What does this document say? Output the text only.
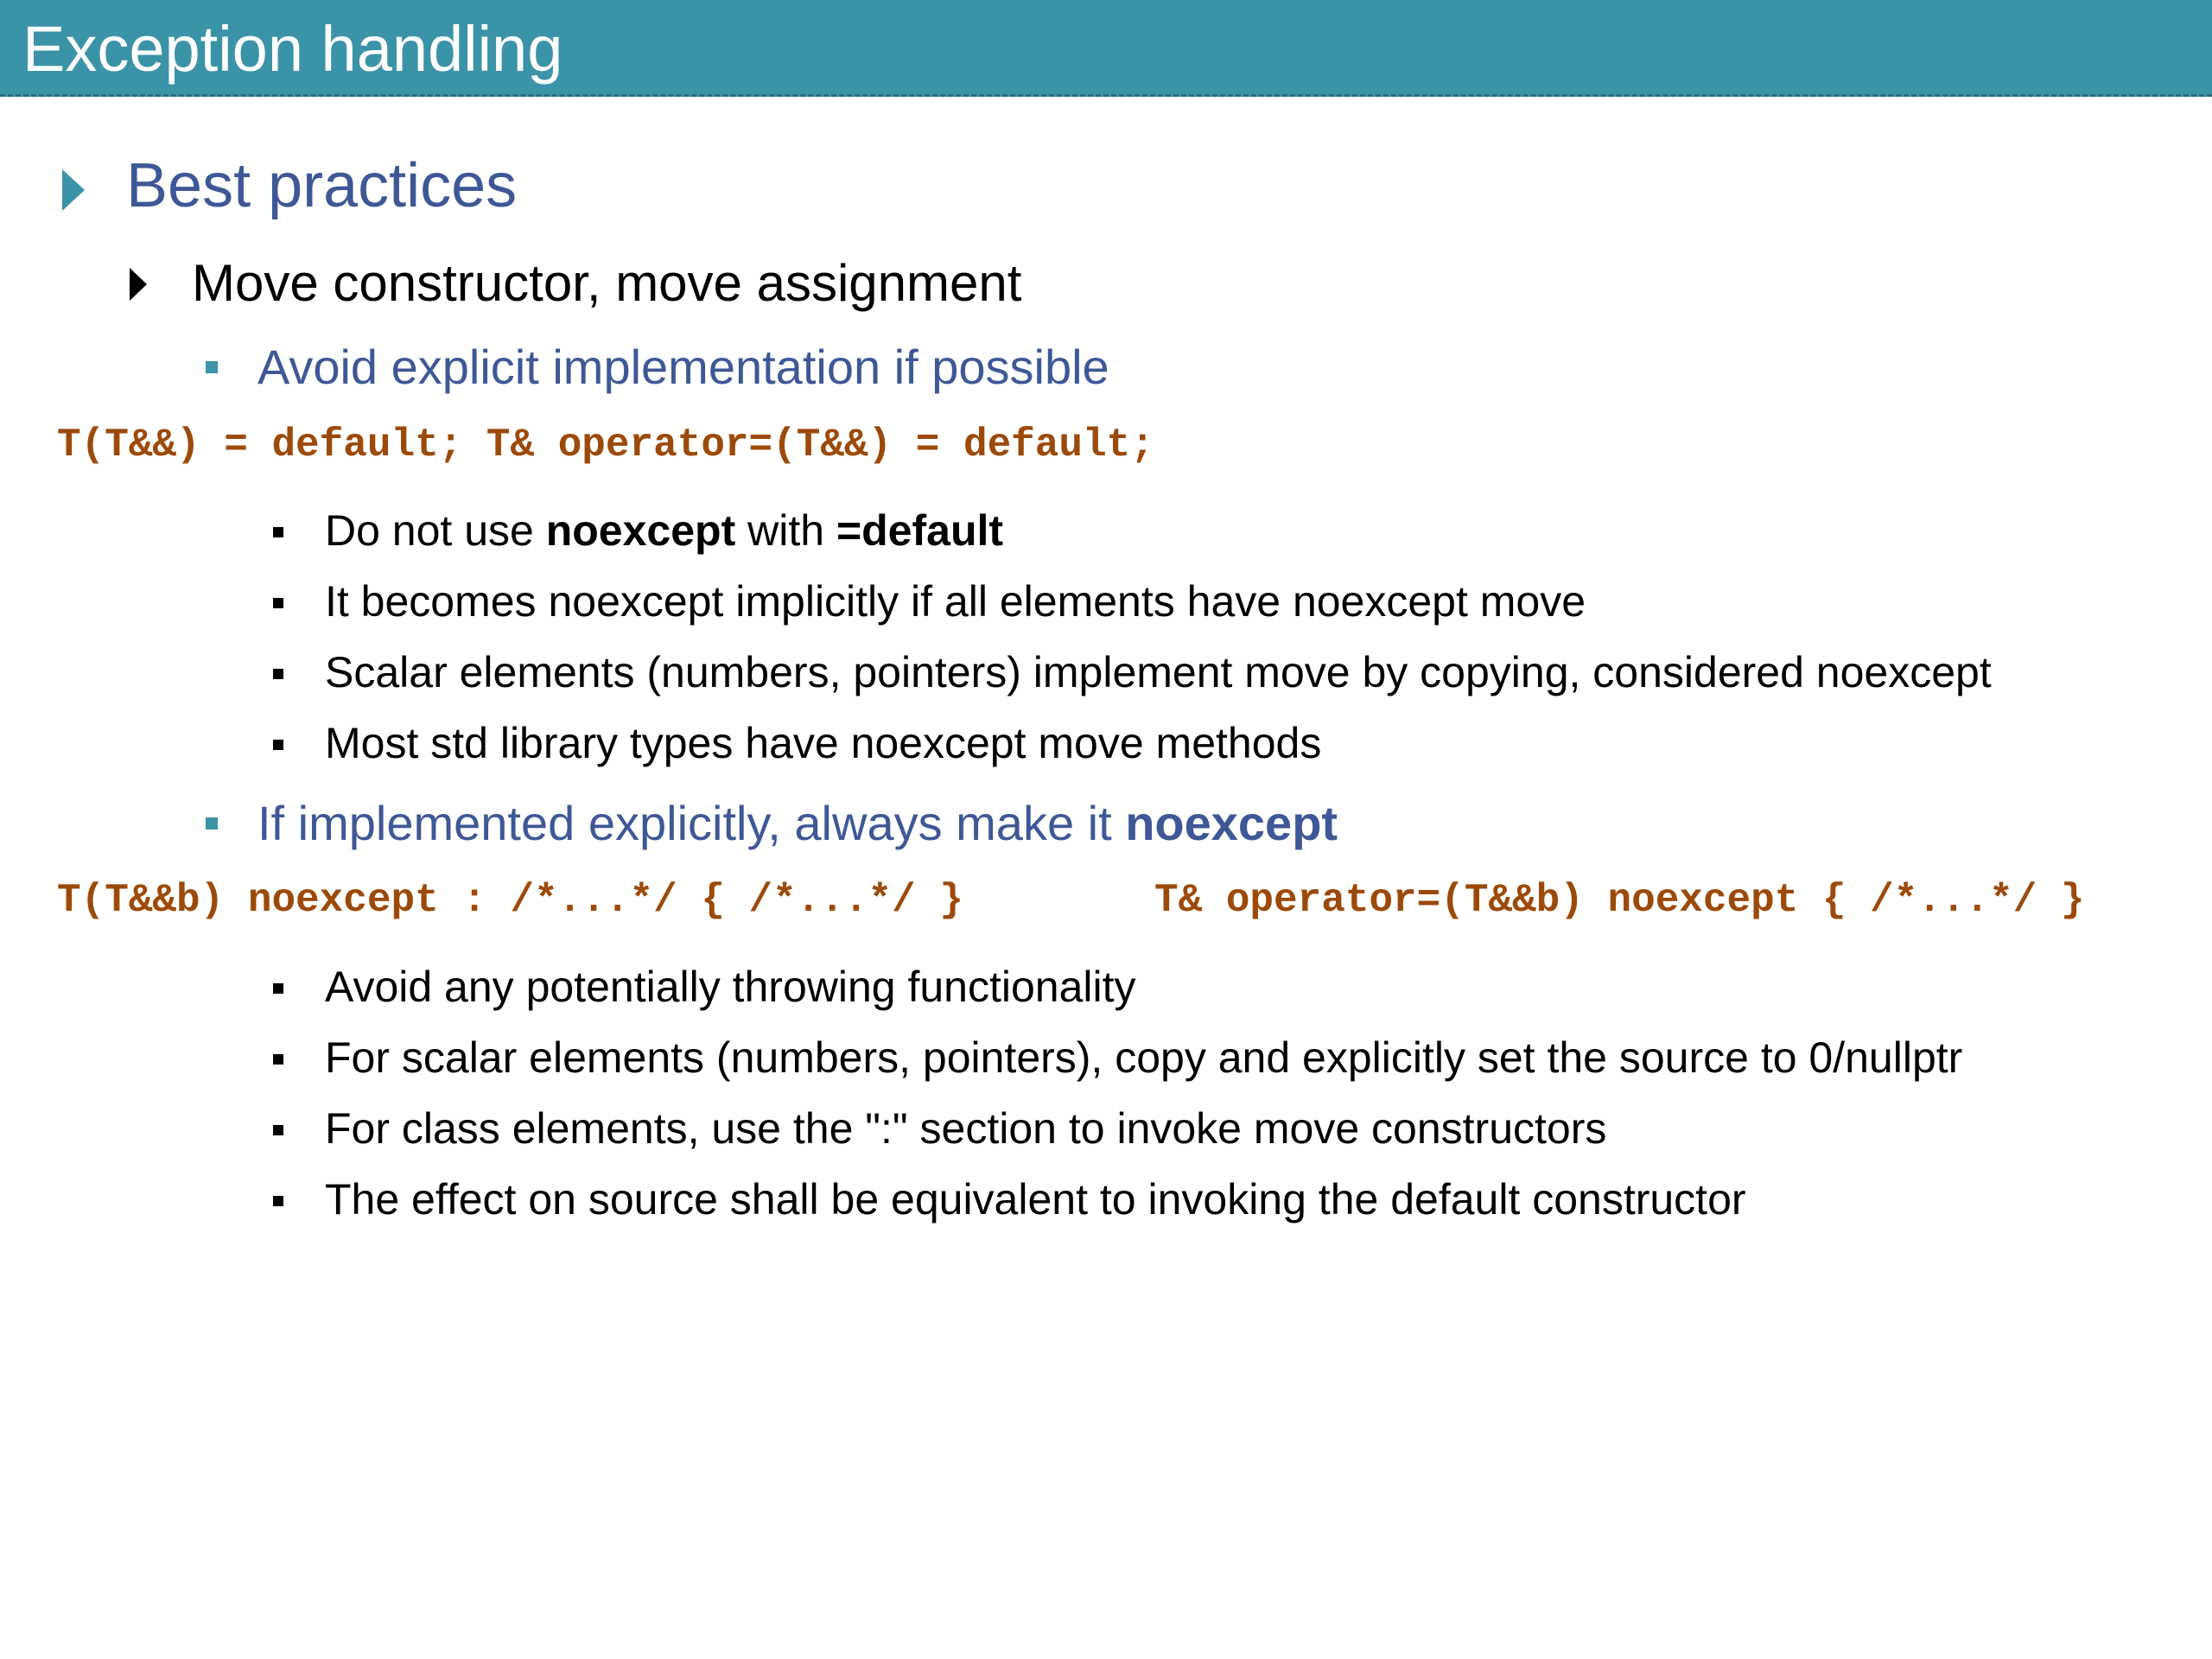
Exception handling
Best practices
Move constructor, move assignment
Avoid explicit implementation if possible
T(T&&) = default; T& operator=(T&&) = default;
Do not use noexcept with =default
It becomes noexcept implicitly if all elements have noexcept move
Scalar elements (numbers, pointers) implement move by copying, considered noexcept
Most std library types have noexcept move methods
If implemented explicitly, always make it noexcept
T(T&&b) noexcept : /*...*/ { /*...*/ }	T& operator=(T&&b) noexcept { /*...*/ }
Avoid any potentially throwing functionality
For scalar elements (numbers, pointers), copy and explicitly set the source to 0/nullptr
For class elements, use the ":" section to invoke move constructors
The effect on source shall be equivalent to invoking the default constructor
